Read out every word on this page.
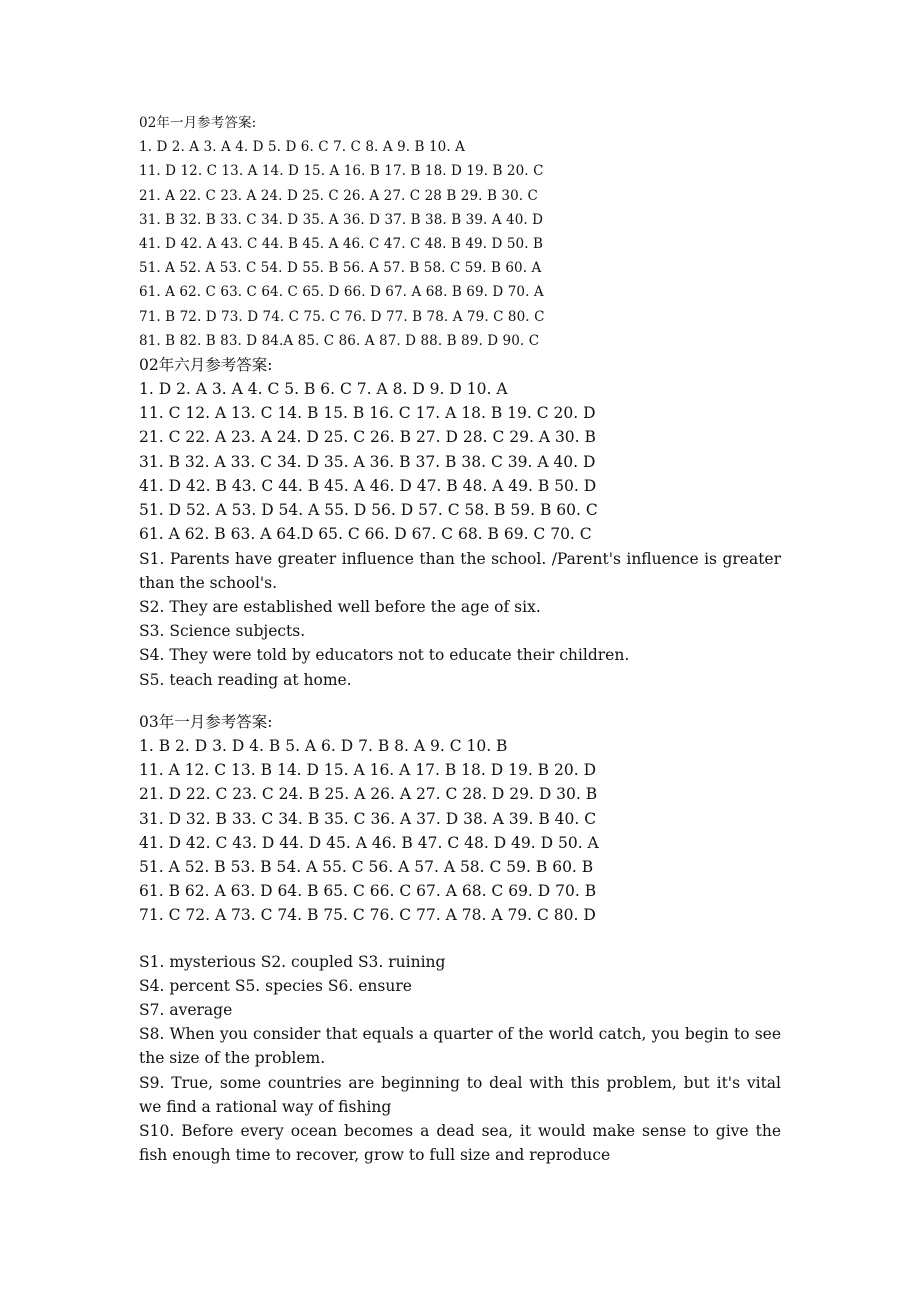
02年一月参考答案:
1. D 2. A 3. A 4. D 5. D 6. C 7. C 8. A 9. B 10. A
11. D 12. C 13. A 14. D 15. A 16. B 17. B 18. D 19. B 20. C
21. A 22. C 23. A 24. D 25. C 26. A 27. C 28 B 29. B 30. C
31. B 32. B 33. C 34. D 35. A 36. D 37. B 38. B 39. A 40. D
41. D 42. A 43. C 44. B 45. A 46. C 47. C 48. B 49. D 50. B
51. A 52. A 53. C 54. D 55. B 56. A 57. B 58. C 59. B 60. A
61. A 62. C 63. C 64. C 65. D 66. D 67. A 68. B 69. D 70. A
71. B 72. D 73. D 74. C 75. C 76. D 77. B 78. A 79. C 80. C
81. B 82. B 83. D 84.A 85. C 86. A 87. D 88. B 89. D 90. C
02年六月参考答案:
1. D 2. A 3. A 4. C 5. B 6. C 7. A 8. D 9. D 10. A
11. C 12. A 13. C 14. B 15. B 16. C 17. A 18. B 19. C 20. D
21. C 22. A 23. A 24. D 25. C 26. B 27. D 28. C 29. A 30. B
31. B 32. A 33. C 34. D 35. A 36. B 37. B 38. C 39. A 40. D
41. D 42. B 43. C 44. B 45. A 46. D 47. B 48. A 49. B 50. D
51. D 52. A 53. D 54. A 55. D 56. D 57. C 58. B 59. B 60. C
61. A 62. B 63. A 64.D 65. C 66. D 67. C 68. B 69. C 70. C

S1. Parents have greater influence than the school. /Parent's influence is greater than the school's.

S2. They are established well before the age of six.

S3. Science subjects.

S4. They were told by educators not to educate their children.

S5. teach reading at home.

03年一月参考答案:
1. B 2. D 3. D 4. B 5. A 6. D 7. B 8. A 9. C 10. B
11. A 12. C 13. B 14. D 15. A 16. A 17. B 18. D 19. B 20. D
21. D 22. C 23. C 24. B 25. A 26. A 27. C 28. D 29. D 30. B
31. D 32. B 33. C 34. B 35. C 36. A 37. D 38. A 39. B 40. C
41. D 42. C 43. D 44. D 45. A 46. B 47. C 48. D 49. D 50. A
51. A 52. B 53. B 54. A 55. C 56. A 57. A 58. C 59. B 60. B
61. B 62. A 63. D 64. B 65. C 66. C 67. A 68. C 69. D 70. B
71. C 72. A 73. C 74. B 75. C 76. C 77. A 78. A 79. C 80. D

S1. mysterious S2. coupled S3. ruining

S4. percent S5. species S6. ensure

S7. average

S8. When you consider that equals a quarter of the world catch, you begin to see the size of the problem.

S9. True, some countries are beginning to deal with this problem, but it's vital we find a rational way of fishing

S10. Before every ocean becomes a dead sea, it would make sense to give the fish enough time to recover, grow to full size and reproduce
